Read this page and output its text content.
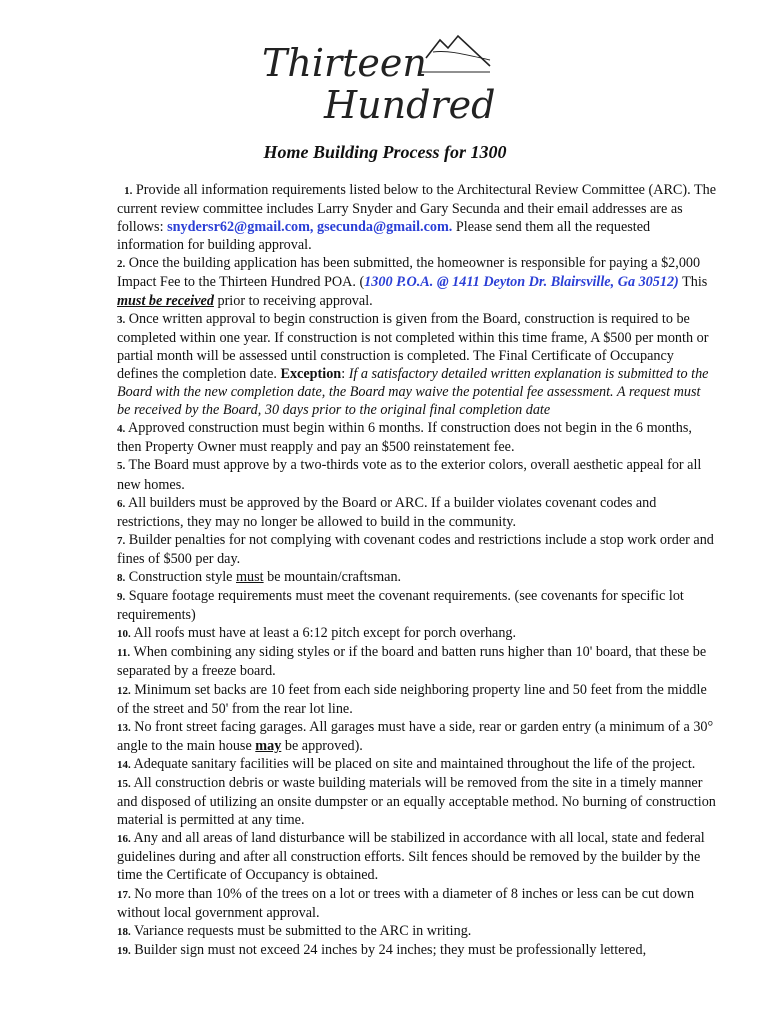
Thirteen
Hundred
Home Building Process for 1300

1. Provide all information requirements listed below to the Architectural Review Committee (ARC). The current review committee includes Larry Snyder and Gary Secunda and their email addresses are as follows: snydersr62@gmail.com, gsecunda@gmail.com. Please send them all the requested information for building approval.

2. Once the building application has been submitted, the homeowner is responsible for paying a $2,000 Impact Fee to the Thirteen Hundred POA. (1300 P.O.A. @ 1411 Deyton Dr. Blairsville, Ga 30512) This must be received prior to receiving approval.

3. Once written approval to begin construction is given from the Board, construction is required to be completed within one year. If construction is not completed within this time frame, A $500 per month or partial month will be assessed until construction is completed. The Final Certificate of Occupancy defines the completion date. Exception: If a satisfactory detailed written explanation is submitted to the Board with the new completion date, the Board may waive the potential fee assessment. A request must be received by the Board, 30 days prior to the original final completion date

4. Approved construction must begin within 6 months. If construction does not begin in the 6 months, then Property Owner must reapply and pay an $500 reinstatement fee.

5. The Board must approve by a two-thirds vote as to the exterior colors, overall aesthetic appeal for all new homes.

6. All builders must be approved by the Board or ARC. If a builder violates covenant codes and restrictions, they may no longer be allowed to build in the community.

7. Builder penalties for not complying with covenant codes and restrictions include a stop work order and fines of $500 per day.

8. Construction style must be mountain/craftsman.

9. Square footage requirements must meet the covenant requirements. (see covenants for specific lot requirements)

10. All roofs must have at least a 6:12 pitch except for porch overhang.

11. When combining any siding styles or if the board and batten runs higher than 10' board, that these be separated by a freeze board.

12. Minimum set backs are 10 feet from each side neighboring property line and 50 feet from the middle of the street and 50' from the rear lot line.

13. No front street facing garages. All garages must have a side, rear or garden entry (a minimum of a 30° angle to the main house may be approved).

14. Adequate sanitary facilities will be placed on site and maintained throughout the life of the project.

15. All construction debris or waste building materials will be removed from the site in a timely manner and disposed of utilizing an onsite dumpster or an equally acceptable method. No burning of construction material is permitted at any time.

16. Any and all areas of land disturbance will be stabilized in accordance with all local, state and federal guidelines during and after all construction efforts. Silt fences should be removed by the builder by the time the Certificate of Occupancy is obtained.

17. No more than 10% of the trees on a lot or trees with a diameter of 8 inches or less can be cut down without local government approval.

18. Variance requests must be submitted to the ARC in writing.

19. Builder sign must not exceed 24 inches by 24 inches; they must be professionally lettered,
